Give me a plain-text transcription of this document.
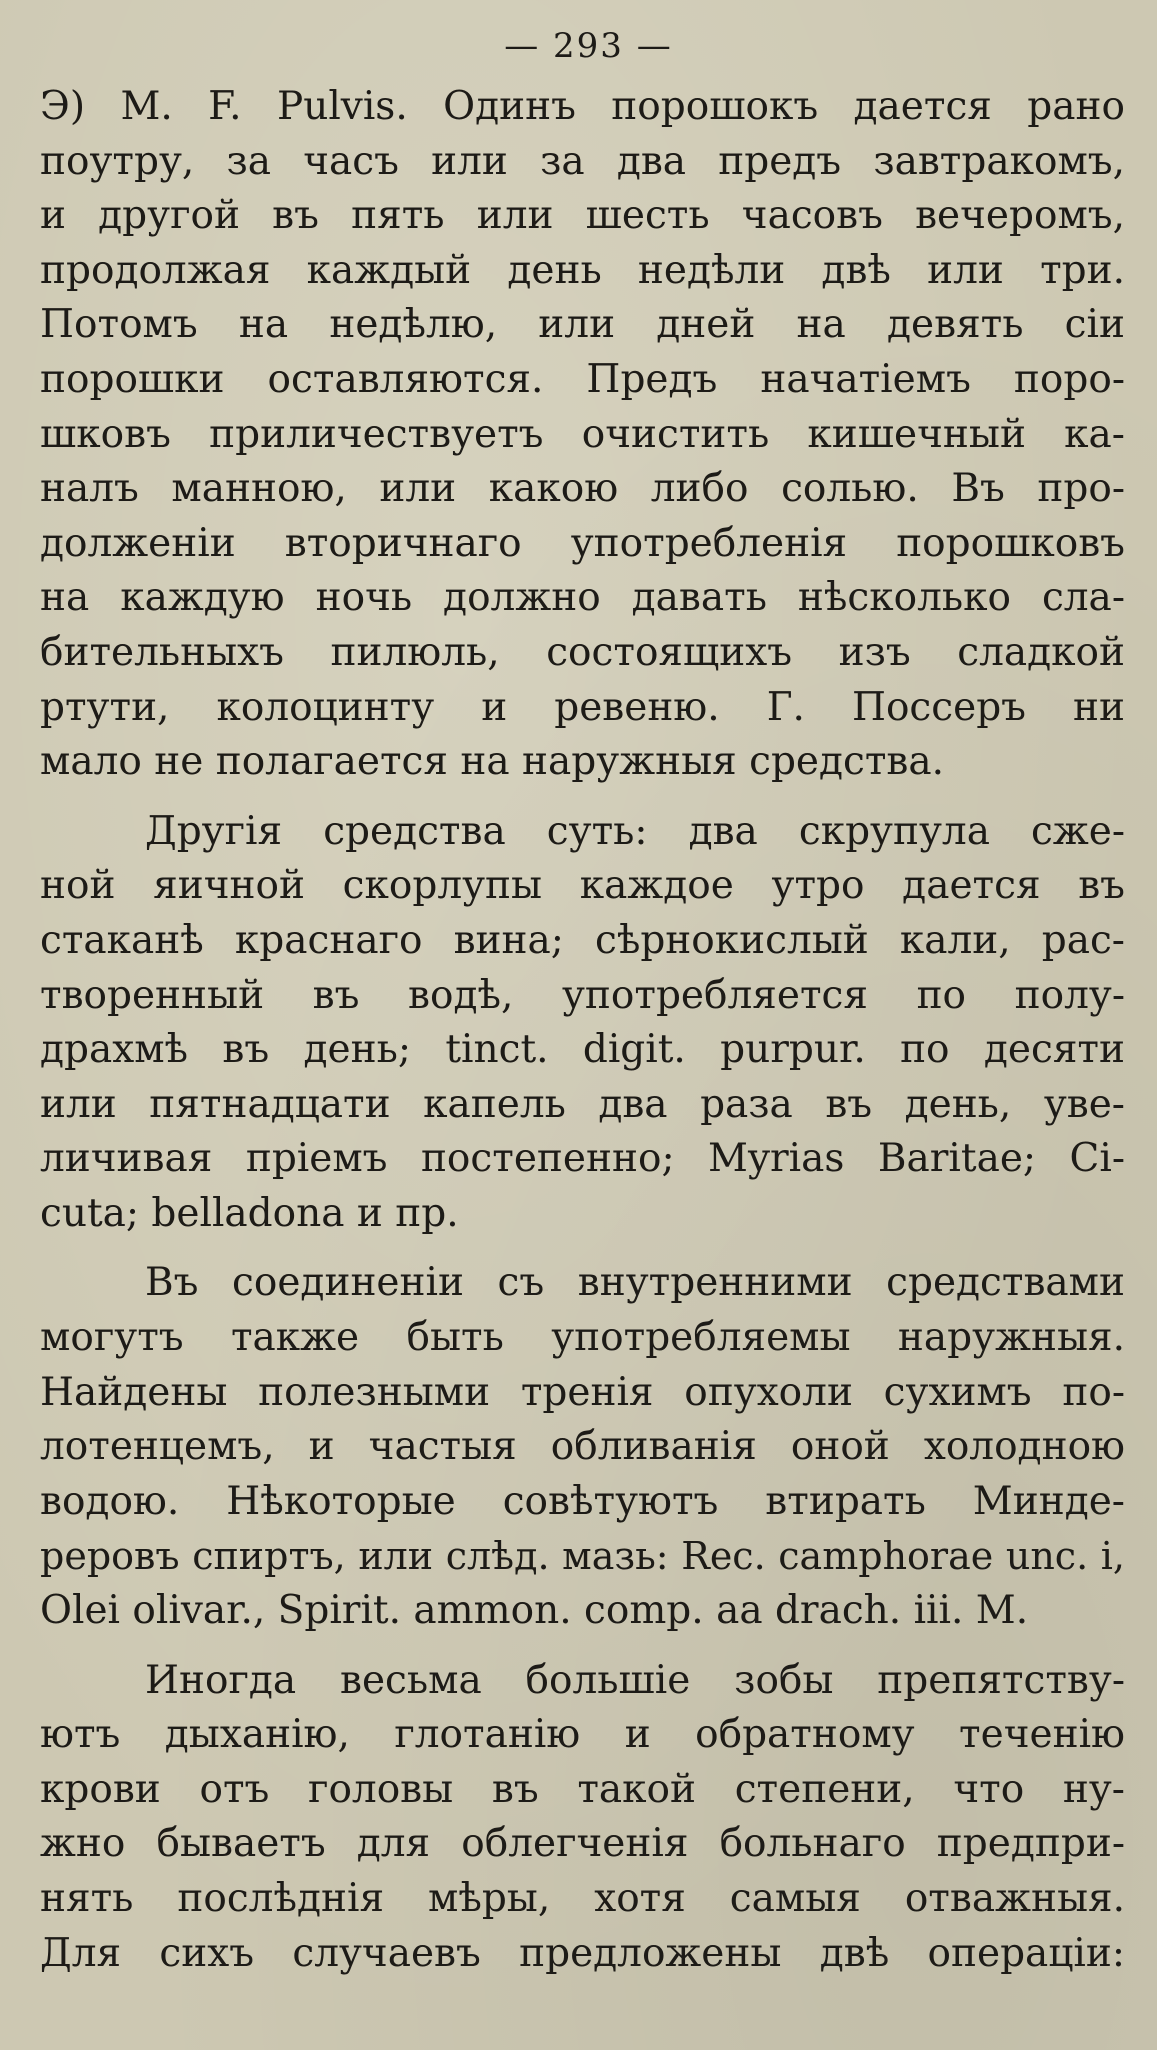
— 293 —
Э) M. F. Pulvis. Одинъ порошокъ дается рано
поутру, за часъ или за два предъ завтракомъ,
и другой въ пять или шесть часовъ вечеромъ,
продолжая каждый день недѣли двѣ или три.
Потомъ на недѣлю, или дней на девять сіи
порошки оставляются. Предъ начатіемъ поро-
шковъ приличествуетъ очистить кишечный ка-
налъ манною, или какою либо солью. Въ про-
долженіи вторичнаго употребленія порошковъ
на каждую ночь должно давать нѣсколько сла-
бительныхъ пилюль, состоящихъ изъ сладкой
ртути, колоцинту и ревеню. Г. Поссеръ ни
мало не полагается на наружныя средства.
Другія средства суть: два скрупула сже-
ной яичной скорлупы каждое утро дается въ
стаканѣ краснаго вина; сѣрнокислый кали, рас-
творенный въ водѣ, употребляется по полу-
драхмѣ въ день; tinct. digit. purpur. по десяти
или пятнадцати капель два раза въ день, уве-
личивая пріемъ постепенно; Myrias Baritae; Ci-
cuta; belladona и пр.
Въ соединеніи съ внутренними средствами
могутъ также быть употребляемы наружныя.
Найдены полезными тренія опухоли сухимъ по-
лотенцемъ, и частыя обливанія оной холодною
водою. Нѣкоторые совѣтуютъ втирать Минде-
реровъ спиртъ, или слѣд. мазь: Rec. camphorae unc. i,
Olei olivar., Spirit. ammon. comp. aa drach. iii. M.
Иногда весьма большіе зобы препятству-
ютъ дыханію, глотанію и обратному теченію
крови отъ головы въ такой степени, что ну-
жно бываетъ для облегченія больнаго предпри-
нять послѣднія мѣры, хотя самыя отважныя.
Для сихъ случаевъ предложены двѣ операціи:
